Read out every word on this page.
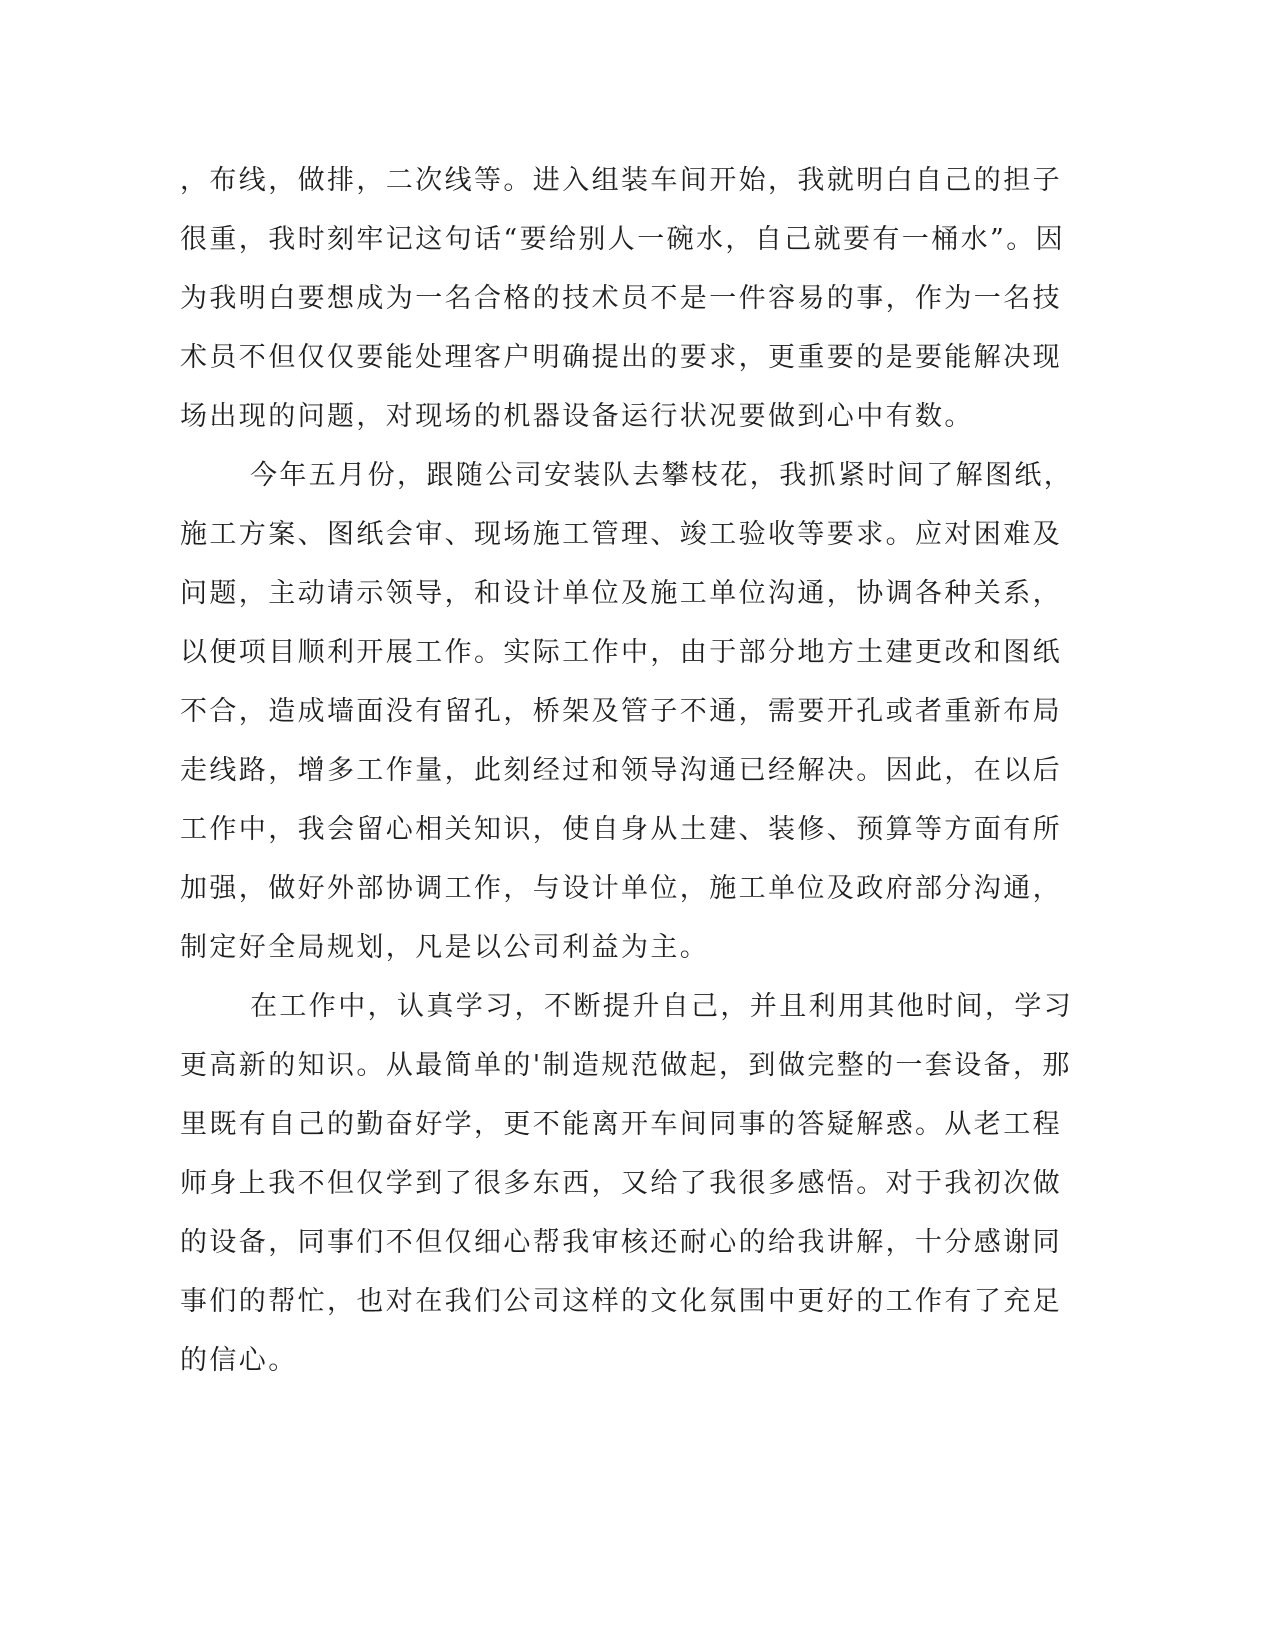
，布线，做排，二次线等。进入组装车间开始，我就明白自己的担子
很重，我时刻牢记这句话“要给别人一碗水，自己就要有一桶水”。因
为我明白要想成为一名合格的技术员不是一件容易的事，作为一名技
术员不但仅仅要能处理客户明确提出的要求，更重要的是要能解决现
场出现的问题，对现场的机器设备运行状况要做到心中有数。
今年五月份，跟随公司安装队去攀枝花，我抓紧时间了解图纸，
施工方案、图纸会审、现场施工管理、竣工验收等要求。应对困难及
问题，主动请示领导，和设计单位及施工单位沟通，协调各种关系，
以便项目顺利开展工作。实际工作中，由于部分地方土建更改和图纸
不合，造成墙面没有留孔，桥架及管子不通，需要开孔或者重新布局
走线路，增多工作量，此刻经过和领导沟通已经解决。因此，在以后
工作中，我会留心相关知识，使自身从土建、装修、预算等方面有所
加强，做好外部协调工作，与设计单位，施工单位及政府部分沟通，
制定好全局规划，凡是以公司利益为主。
在工作中，认真学习，不断提升自己，并且利用其他时间，学习
更高新的知识。从最简单的'制造规范做起，到做完整的一套设备，那
里既有自己的勤奋好学，更不能离开车间同事的答疑解惑。从老工程
师身上我不但仅学到了很多东西，又给了我很多感悟。对于我初次做
的设备，同事们不但仅细心帮我审核还耐心的给我讲解，十分感谢同
事们的帮忙，也对在我们公司这样的文化氛围中更好的工作有了充足
的信心。
